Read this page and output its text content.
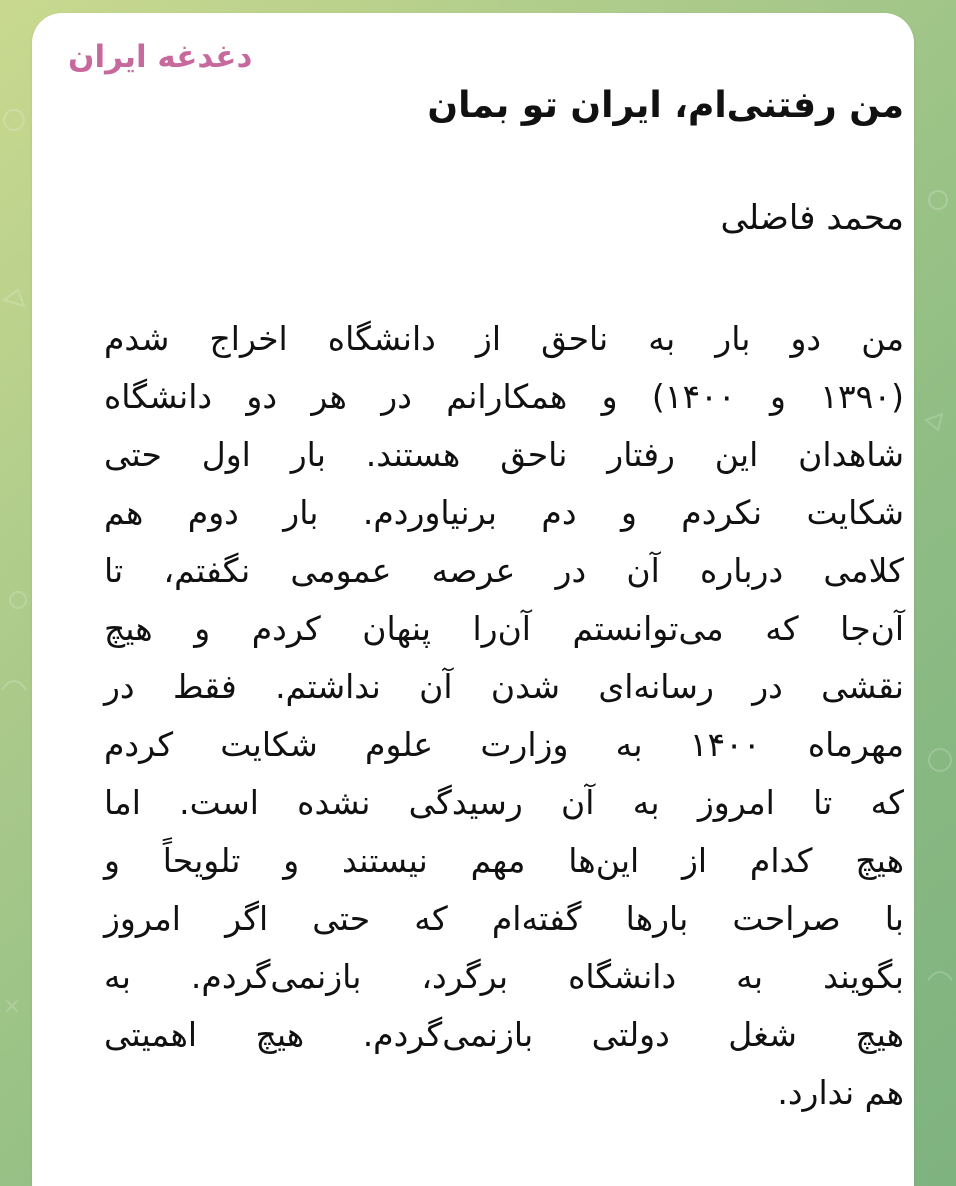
دغدغه ایران
من رفتنی‌ام، ایران تو بمان
محمد فاضلی
من دو بار به ناحق از دانشگاه اخراج شدم
(۱۳۹۰ و ۱۴۰۰) و همکارانم در هر دو دانشگاه
شاهدان این رفتار ناحق هستند. بار اول حتی
شکایت نکردم و دم برنیاوردم. بار دوم هم
کلامی درباره آن در عرصه عمومی نگفتم، تا
آن‌جا که می‌توانستم آن‌را پنهان کردم و هیچ
نقشی در رسانه‌ای شدن آن نداشتم. فقط در
مهرماه ۱۴۰۰ به وزارت علوم شکایت کردم
که تا امروز به آن رسیدگی نشده است. اما
هیچ کدام از این‌ها مهم نیستند و تلویحاً و
با صراحت بارها گفته‌ام که حتی اگر امروز
بگویند به دانشگاه برگرد، بازنمی‌گردم. به
هیچ شغل دولتی بازنمی‌گردم. هیچ اهمیتی
هم ندارد.
